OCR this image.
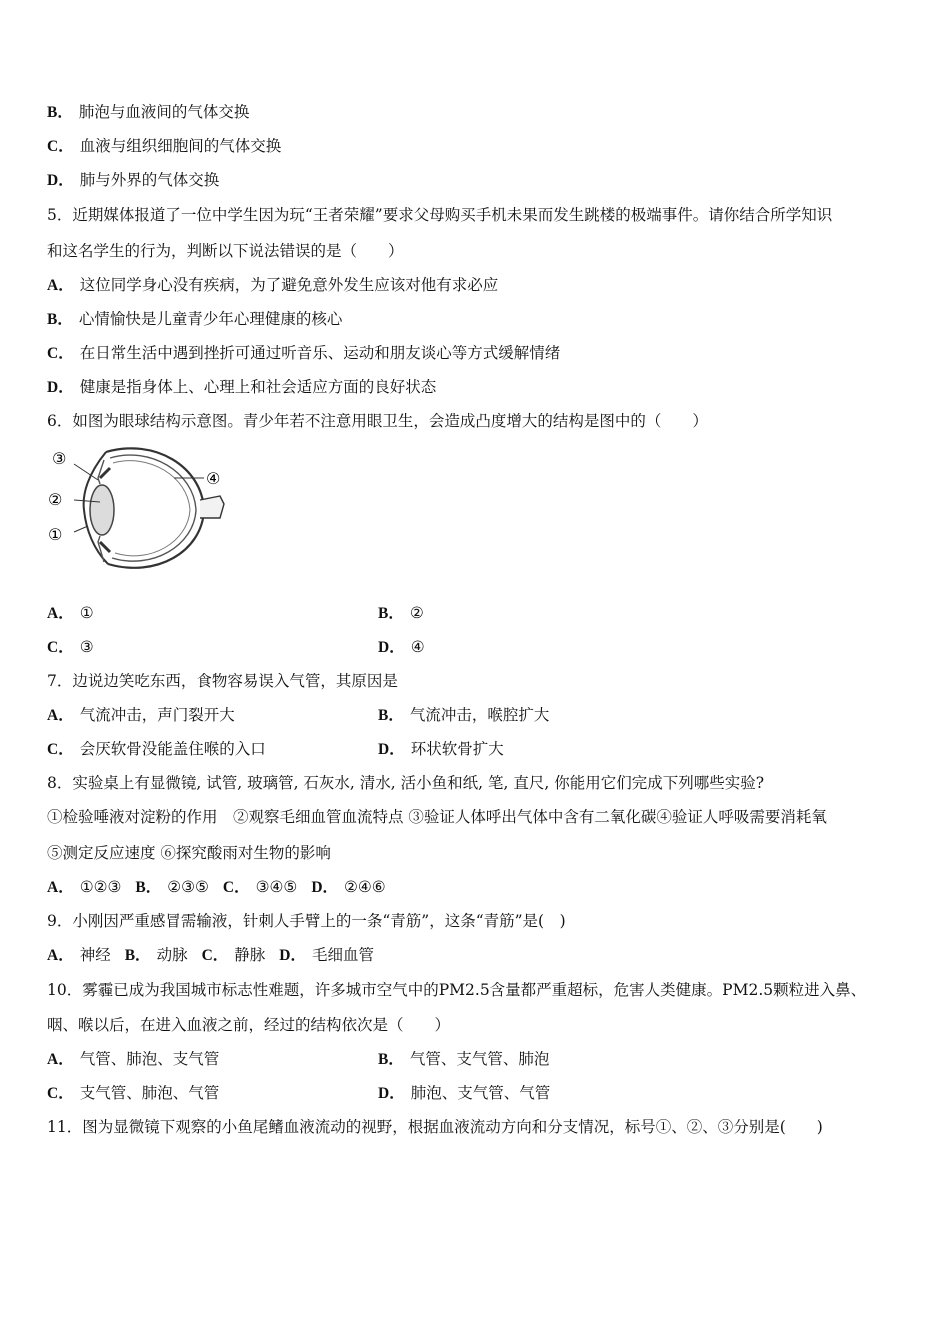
B． 肺泡与血液间的气体交换
C． 血液与组织细胞间的气体交换
D． 肺与外界的气体交换
5．近期媒体报道了一位中学生因为玩“王者荣耀”要求父母购买手机未果而发生跳楼的极端事件。请你结合所学知识
和这名学生的行为，判断以下说法错误的是（　　）
A． 这位同学身心没有疾病，为了避免意外发生应该对他有求必应
B． 心情愉快是儿童青少年心理健康的核心
C． 在日常生活中遇到挫折可通过听音乐、运动和朋友谈心等方式缓解情绪
D． 健康是指身体上、心理上和社会适应方面的良好状态
6．如图为眼球结构示意图。青少年若不注意用眼卫生，会造成凸度增大的结构是图中的（　　）
③
②
①
④
A． ①	B． ②
C． ③	D． ④
7．边说边笑吃东西，食物容易误入气管，其原因是
A． 气流冲击，声门裂开大	B． 气流冲击，喉腔扩大
C． 会厌软骨没能盖住喉的入口	D． 环状软骨扩大
8．实验桌上有显微镜, 试管, 玻璃管, 石灰水, 清水, 活小鱼和纸, 笔, 直尺, 你能用它们完成下列哪些实验?
①检验唾液对淀粉的作用　②观察毛细血管血流特点 ③验证人体呼出气体中含有二氧化碳④验证人呼吸需要消耗氧
⑤测定反应速度 ⑥探究酸雨对生物的影响
A． ①②③ B． ②③⑤ C． ③④⑤ D． ②④⑥
9．小刚因严重感冒需输液，针刺人手臂上的一条“青筋”，这条“青筋”是(　)
A． 神经 B． 动脉 C． 静脉 D． 毛细血管
10．雾霾已成为我国城市标志性难题，许多城市空气中的PM2.5含量都严重超标，危害人类健康。PM2.5颗粒进入鼻、
咽、喉以后，在进入血液之前，经过的结构依次是（　　）
A． 气管、肺泡、支气管	B． 气管、支气管、肺泡
C． 支气管、肺泡、气管	D． 肺泡、支气管、气管
11．图为显微镜下观察的小鱼尾鳍血液流动的视野，根据血液流动方向和分支情况，标号①、②、③分别是(　　)
